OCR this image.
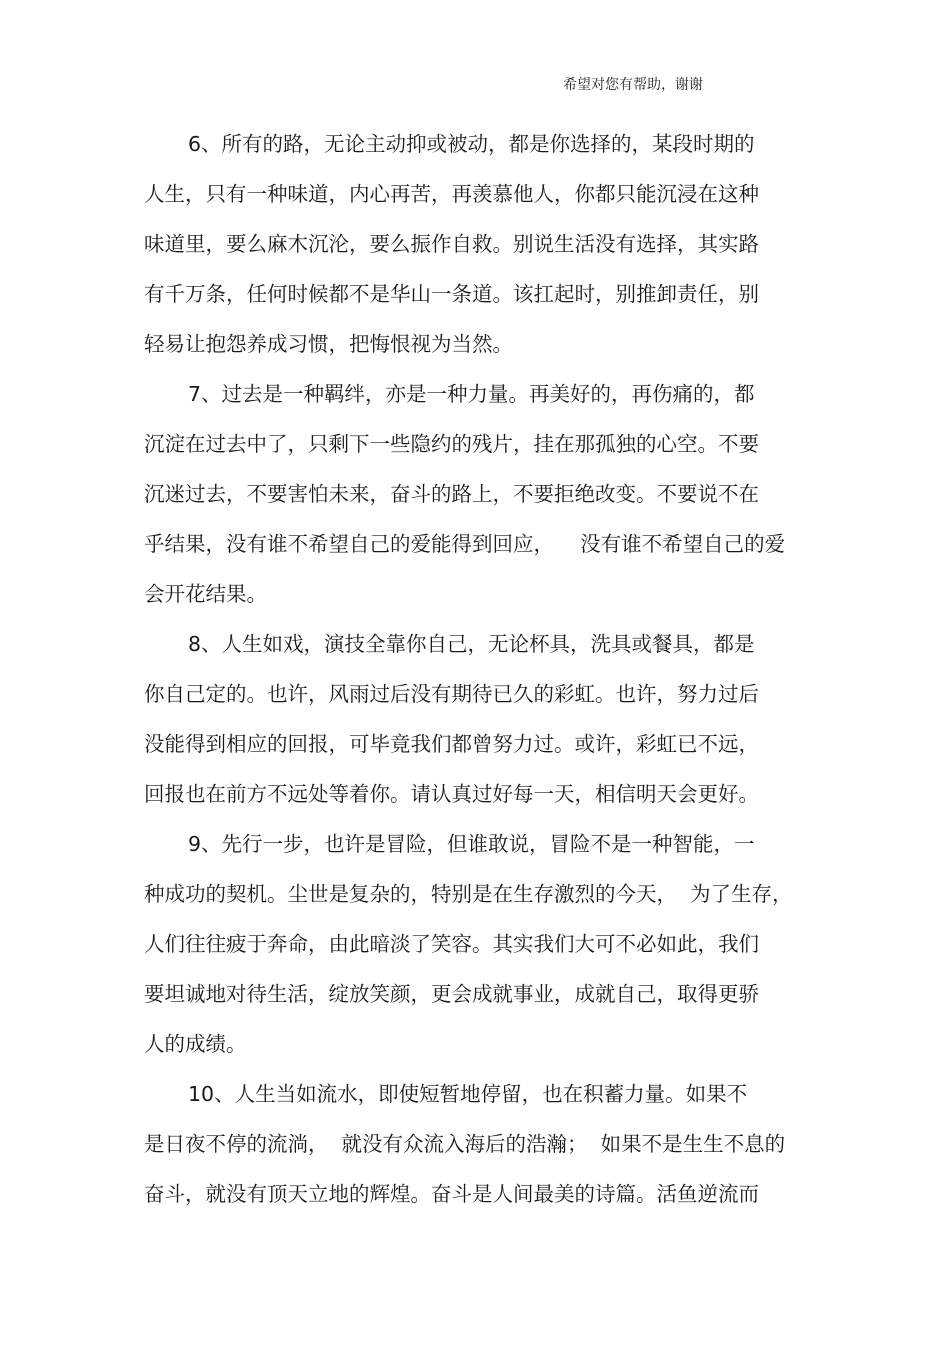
希望对您有帮助，谢谢
6、所有的路，无论主动抑或被动，都是你选择的，某段时期的
人生，只有一种味道，内心再苦，再羡慕他人，你都只能沉浸在这种
味道里，要么麻木沉沦，要么振作自救。别说生活没有选择，其实路
有千万条，任何时候都不是华山一条道。该扛起时，别推卸责任，别
轻易让抱怨养成习惯，把悔恨视为当然。
7、过去是一种羁绊，亦是一种力量。再美好的，再伤痛的，都
沉淀在过去中了，只剩下一些隐约的残片，挂在那孤独的心空。不要
沉迷过去，不要害怕未来，奋斗的路上，不要拒绝改变。不要说不在
乎结果，没有谁不希望自己的爱能得到回应，    没有谁不希望自己的爱
会开花结果。
8、人生如戏，演技全靠你自己，无论杯具，洗具或餐具，都是
你自己定的。也许，风雨过后没有期待已久的彩虹。也许，努力过后
没能得到相应的回报，可毕竟我们都曾努力过。或许，彩虹已不远，
回报也在前方不远处等着你。请认真过好每一天，相信明天会更好。
9、先行一步，也许是冒险，但谁敢说，冒险不是一种智能，一
种成功的契机。尘世是复杂的，特别是在生存激烈的今天，  为了生存，
人们往往疲于奔命，由此暗淡了笑容。其实我们大可不必如此，我们
要坦诚地对待生活，绽放笑颜，更会成就事业，成就自己，取得更骄
人的成绩。
10、人生当如流水，即使短暂地停留，也在积蓄力量。如果不
是日夜不停的流淌，  就没有众流入海后的浩瀚；  如果不是生生不息的
奋斗，就没有顶天立地的辉煌。奋斗是人间最美的诗篇。活鱼逆流而
